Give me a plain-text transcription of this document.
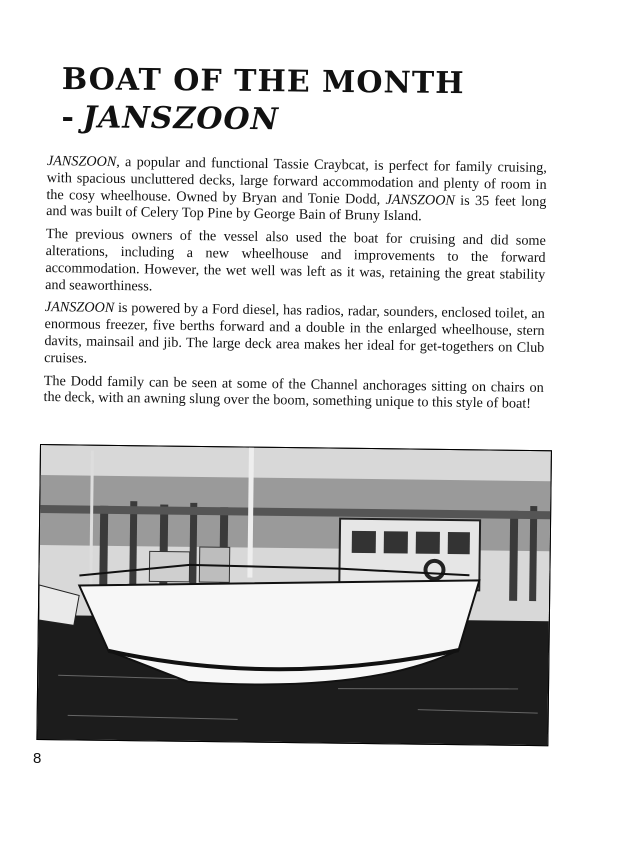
BOAT OF THE MONTH
- JANSZOON

JANSZOON, a popular and functional Tassie Craybcat, is perfect for family cruising, with spacious uncluttered decks, large forward accommodation and plenty of room in the cosy wheelhouse. Owned by Bryan and Tonie Dodd, JANSZOON is 35 feet long and was built of Celery Top Pine by George Bain of Bruny Island.

The previous owners of the vessel also used the boat for cruising and did some alterations, including a new wheelhouse and improvements to the forward accommodation. However, the wet well was left as it was, retaining the great stability and seaworthiness.

JANSZOON is powered by a Ford diesel, has radios, radar, sounders, enclosed toilet, an enormous freezer, five berths forward and a double in the enlarged wheelhouse, stern davits, mainsail and jib. The large deck area makes her ideal for get-togethers on Club cruises.

The Dodd family can be seen at some of the Channel anchorages sitting on chairs on the deck, with an awning slung over the boom, something unique to this style of boat!

8
